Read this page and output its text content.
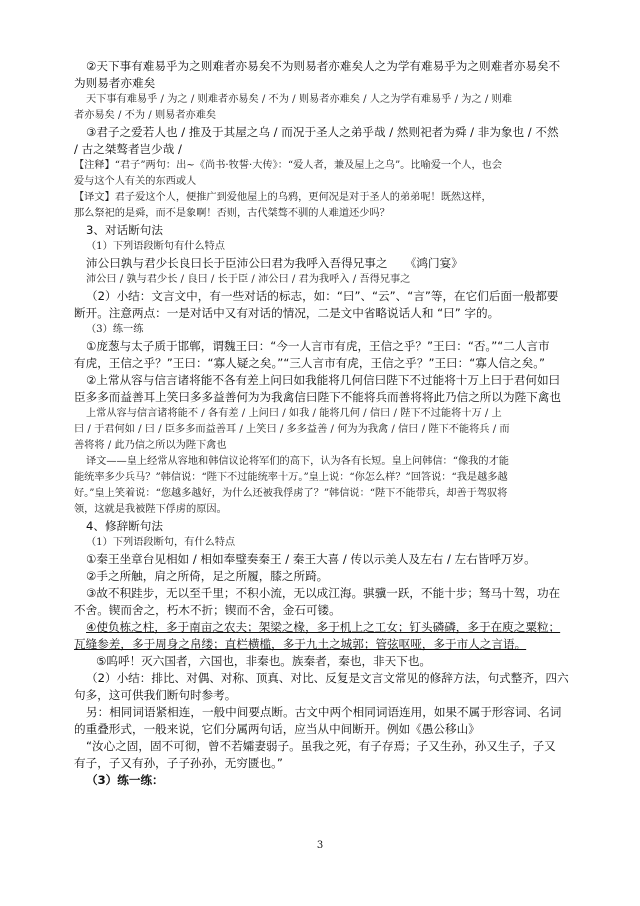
②天下事有难易乎为之则难者亦易矣不为则易者亦难矣人之为学有难易乎为之则难者亦易矣不

为则易者亦难矣

天下事有难易乎 / 为之 / 则难者亦易矣 / 不为 / 则易者亦难矣 / 人之为学有难易乎 / 为之 / 则难

者亦易矣 / 不为 / 则易者亦难矣

③君子之爱若人也 / 推及于其屋之乌 / 而况于圣人之弟乎哉 / 然则祀者为舜 / 非为象也 / 不然

/ 古之桀骜者岂少哉 /

【注释】“君子”两句：出~《尚书·牧誓·大传》：“爱人者，兼及屋上之乌”。比喻爱一个人，也会

爱与这个人有关的东西或人

【译文】君子爱这个人，便推广到爱他屋上的乌鸦，更何况是对于圣人的弟弟呢！既然这样，

那么祭祀的是舜，而不是象啊！否则，古代桀骜不驯的人难道还少吗？

3、对话断句法

（1）下列语段断句有什么特点

沛公曰孰与君少长良曰长于臣沛公曰君为我呼入吾得兄事之　　《鸿门宴》

沛公曰 / 孰与君少长 / 良曰 / 长于臣 / 沛公曰 / 君为我呼入 / 吾得兄事之

（2）小结：文言文中，有一些对话的标志，如：“曰”、“云”、“言”等，在它们后面一般都要

断开。注意两点：一是对话中又有对话的情况，二是文中省略说话人和 “曰” 字的。

（3）练一练

①庞葱与太子质于邯郸，谓魏王曰：“今一人言市有虎，王信之乎？”王曰：“否。”“二人言市

有虎，王信之乎？”王曰：“寡人疑之矣。”“三人言市有虎，王信之乎？”王曰：“寡人信之矣。”

②上常从容与信言诸将能不各有差上问曰如我能将几何信曰陛下不过能将十万上曰于君何如曰

臣多多而益善耳上笑曰多多益善何为为我禽信曰陛下不能将兵而善将将此乃信之所以为陛下禽也

上常从容与信言诸将能不 / 各有差 / 上问曰 / 如我 / 能将几何 / 信曰 / 陛下不过能将十万 / 上

曰 / 于君何如 / 曰 / 臣多多而益善耳 / 上笑曰 / 多多益善 / 何为为我禽 / 信曰 / 陛下不能将兵 / 而

善将将 / 此乃信之所以为陛下禽也

译文——皇上经常从容地和韩信议论将军们的高下，认为各有长短。皇上问韩信：“像我的才能

能统率多少兵马？”韩信说：“陛下不过能统率十万。”皇上说：“你怎么样？”回答说：“我是越多越

好。”皇上笑着说：“您越多越好，为什么还被我俘虏了？”韩信说：“陛下不能带兵，却善于驾驭将

领，这就是我被陛下俘虏的原因。

4、修辞断句法

（1）下列语段断句，有什么特点

①秦王坐章台见相如 / 相如奉璧奏秦王 / 秦王大喜 / 传以示美人及左右 / 左右皆呼万岁。

②手之所触，肩之所倚，足之所履，膝之所踦。

③故不积跬步，无以至千里；不积小流，无以成江海。骐骥一跃，不能十步；驽马十驾，功在

不舍。锲而舍之，朽木不折；锲而不舍，金石可镂。

④使负栋之柱，多于南亩之农夫；架梁之椽，多于机上之工女；钉头磷磷，多于在庾之粟粒；

瓦缝参差，多于周身之帛缕；直栏横槛，多于九土之城郭；管弦呕哑，多于市人之言语。

⑤呜呼！灭六国者，六国也，非秦也。族秦者，秦也，非天下也。

（2）小结：排比、对偶、对称、顶真、对比、反复是文言文常见的修辞方法，句式整齐，四六

句多，这可供我们断句时参考。

另：相同词语紧相连，一般中间要点断。古文中两个相同词语连用，如果不属于形容词、名词

的重叠形式，一般来说，它们分属两句话，应当从中间断开。例如《愚公移山》

“汝心之固，固不可彻，曾不若孀妻弱子。虽我之死，有子存焉；子又生孙，孙又生子，子又

有子，子又有孙，子子孙孙，无穷匮也。”

（3）练一练：

3
